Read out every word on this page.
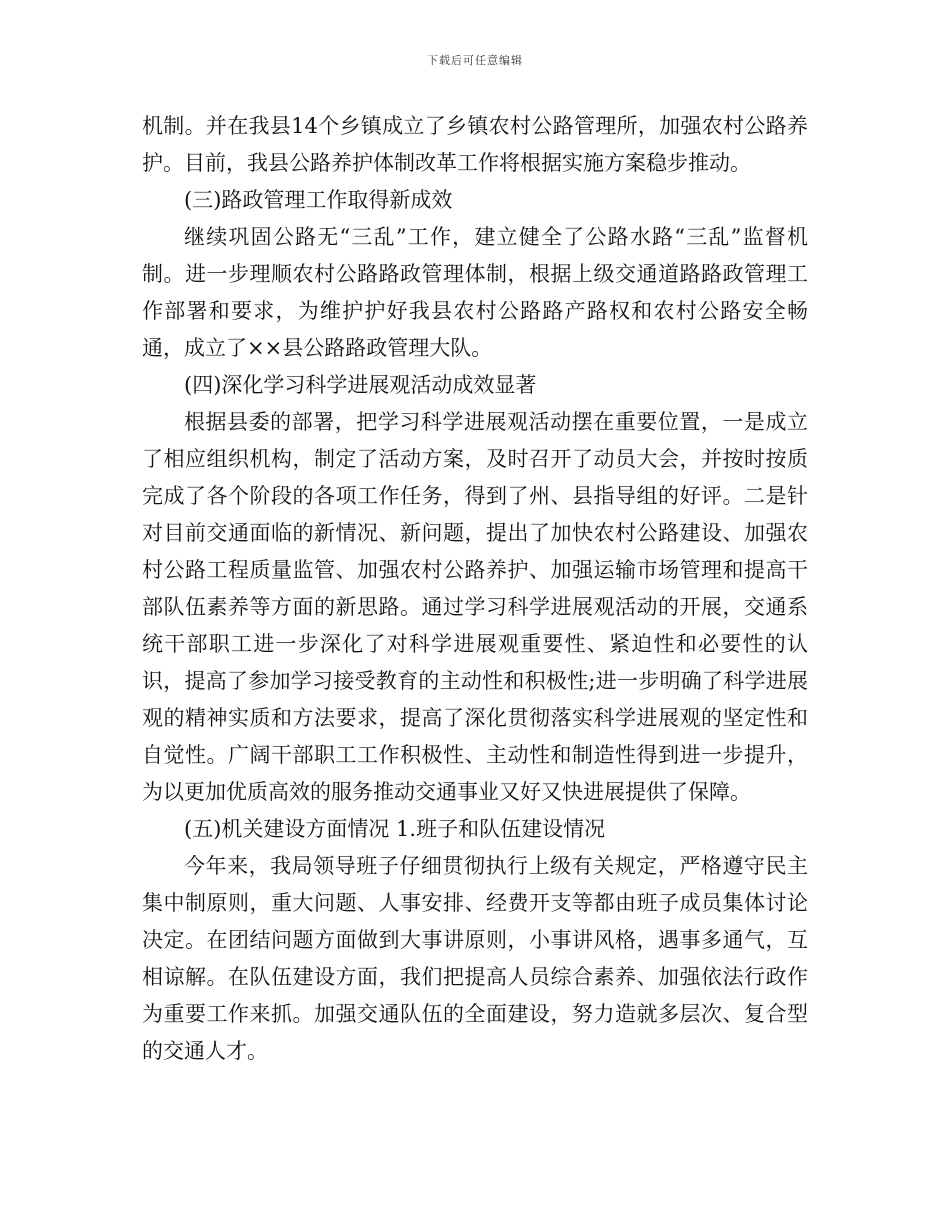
下载后可任意编辑

机制。并在我县14个乡镇成立了乡镇农村公路管理所，加强农村公路养护。目前，我县公路养护体制改革工作将根据实施方案稳步推动。

(三)路政管理工作取得新成效

继续巩固公路无“三乱”工作，建立健全了公路水路“三乱”监督机制。进一步理顺农村公路路政管理体制，根据上级交通道路路政管理工作部署和要求，为维护护好我县农村公路路产路权和农村公路安全畅通，成立了××县公路路政管理大队。

(四)深化学习科学进展观活动成效显著

根据县委的部署，把学习科学进展观活动摆在重要位置，一是成立了相应组织机构，制定了活动方案，及时召开了动员大会，并按时按质完成了各个阶段的各项工作任务，得到了州、县指导组的好评。二是针对目前交通面临的新情况、新问题，提出了加快农村公路建设、加强农村公路工程质量监管、加强农村公路养护、加强运输市场管理和提高干部队伍素养等方面的新思路。通过学习科学进展观活动的开展，交通系统干部职工进一步深化了对科学进展观重要性、紧迫性和必要性的认识，提高了参加学习接受教育的主动性和积极性;进一步明确了科学进展观的精神实质和方法要求，提高了深化贯彻落实科学进展观的坚定性和自觉性。广阔干部职工工作积极性、主动性和制造性得到进一步提升，为以更加优质高效的服务推动交通事业又好又快进展提供了保障。

(五)机关建设方面情况 1.班子和队伍建设情况

今年来，我局领导班子仔细贯彻执行上级有关规定，严格遵守民主集中制原则，重大问题、人事安排、经费开支等都由班子成员集体讨论决定。在团结问题方面做到大事讲原则，小事讲风格，遇事多通气，互相谅解。在队伍建设方面，我们把提高人员综合素养、加强依法行政作为重要工作来抓。加强交通队伍的全面建设，努力造就多层次、复合型的交通人才。
